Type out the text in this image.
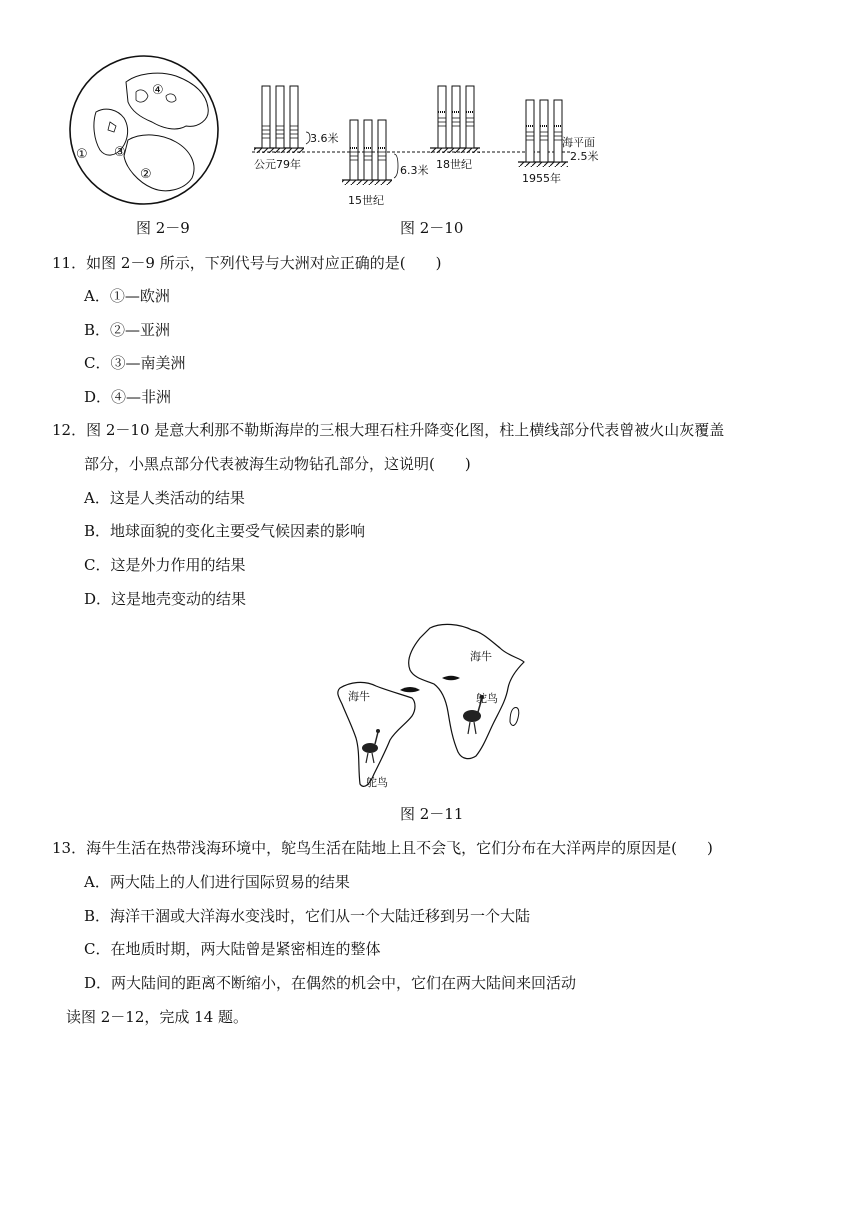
④
① ③
②
图 2－9
3.6米
公元79年	6.3米
15世纪
18世纪
海平面
2.5米
1955年
图 2－10
11．如图 2－9 所示，下列代号与大洲对应正确的是(　　)
A．①—欧洲
B．②—亚洲
C．③—南美洲
D．④—非洲
12．图 2－10 是意大利那不勒斯海岸的三根大理石柱升降变化图，柱上横线部分代表曾被火山灰覆盖
部分，小黑点部分代表被海生动物钻孔部分，这说明(　　)
A．这是人类活动的结果
B．地球面貌的变化主要受气候因素的影响
C．这是外力作用的结果
D．这是地壳变动的结果
海牛
鸵鸟
海牛
鸵鸟
图 2－11
13．海牛生活在热带浅海环境中，鸵鸟生活在陆地上且不会飞，它们分布在大洋两岸的原因是(　　)
A．两大陆上的人们进行国际贸易的结果
B．海洋干涸或大洋海水变浅时，它们从一个大陆迁移到另一个大陆
C．在地质时期，两大陆曾是紧密相连的整体
D．两大陆间的距离不断缩小，在偶然的机会中，它们在两大陆间来回活动
读图 2－12，完成 14 题。
